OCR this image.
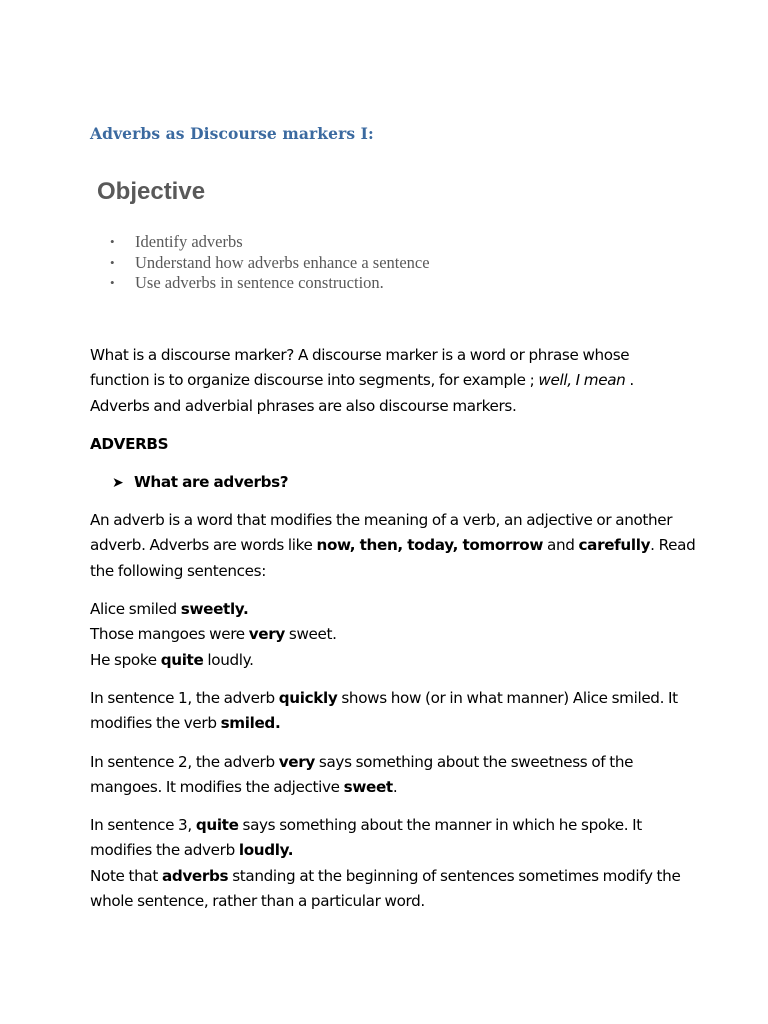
Adverbs as Discourse markers I:
Objective
• Identify adverbs
• Understand how adverbs enhance a sentence
• Use adverbs in sentence construction.
What is a discourse marker? A discourse marker is a word or phrase whose
function is to organize discourse into segments, for example ; well, I mean .
Adverbs and adverbial phrases are also discourse markers.
ADVERBS
➤ What are adverbs?
An adverb is a word that modifies the meaning of a verb, an adjective or another
adverb. Adverbs are words like now, then, today, tomorrow and carefully. Read
the following sentences:
Alice smiled sweetly.
Those mangoes were very sweet.
He spoke quite loudly.
In sentence 1, the adverb quickly shows how (or in what manner) Alice smiled. It
modifies the verb smiled.
In sentence 2, the adverb very says something about the sweetness of the
mangoes. It modifies the adjective sweet.
In sentence 3, quite says something about the manner in which he spoke. It
modifies the adverb loudly.
Note that adverbs standing at the beginning of sentences sometimes modify the
whole sentence, rather than a particular word.
